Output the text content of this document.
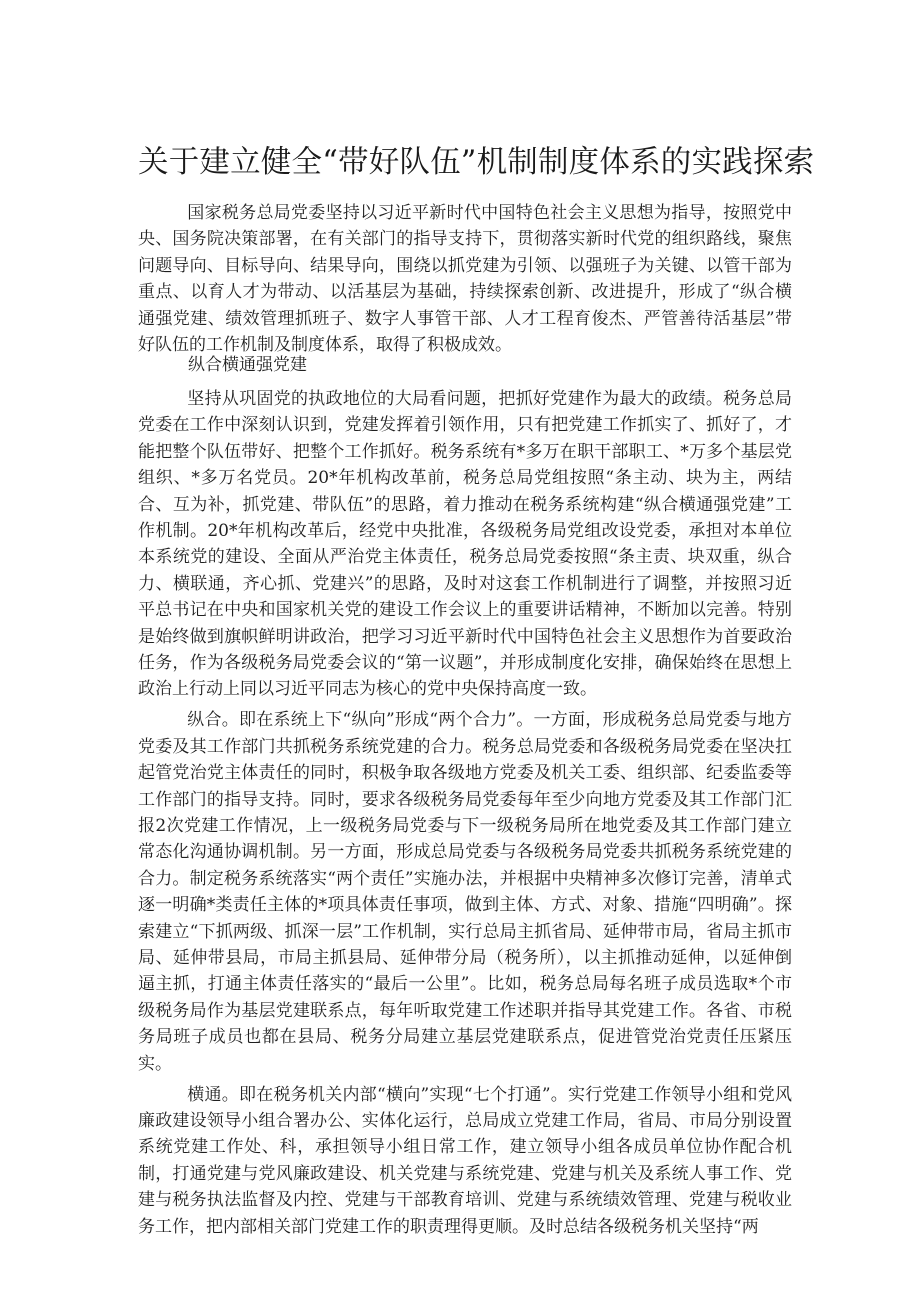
关于建立健全“带好队伍”机制制度体系的实践探索

国家税务总局党委坚持以习近平新时代中国特色社会主义思想为指导，按照党中央、国务院决策部署，在有关部门的指导支持下，贯彻落实新时代党的组织路线，聚焦问题导向、目标导向、结果导向，围绕以抓党建为引领、以强班子为关键、以管干部为重点、以育人才为带动、以活基层为基础，持续探索创新、改进提升，形成了“纵合横通强党建、绩效管理抓班子、数字人事管干部、人才工程育俊杰、严管善待活基层”带好队伍的工作机制及制度体系，取得了积极成效。

纵合横通强党建

坚持从巩固党的执政地位的大局看问题，把抓好党建作为最大的政绩。税务总局党委在工作中深刻认识到，党建发挥着引领作用，只有把党建工作抓实了、抓好了，才能把整个队伍带好、把整个工作抓好。税务系统有*多万在职干部职工、*万多个基层党组织、*多万名党员。20*年机构改革前，税务总局党组按照“条主动、块为主，两结合、互为补，抓党建、带队伍”的思路，着力推动在税务系统构建“纵合横通强党建”工作机制。20*年机构改革后，经党中央批准，各级税务局党组改设党委，承担对本单位本系统党的建设、全面从严治党主体责任，税务总局党委按照“条主责、块双重，纵合力、横联通，齐心抓、党建兴”的思路，及时对这套工作机制进行了调整，并按照习近平总书记在中央和国家机关党的建设工作会议上的重要讲话精神，不断加以完善。特别是始终做到旗帜鲜明讲政治，把学习习近平新时代中国特色社会主义思想作为首要政治任务，作为各级税务局党委会议的“第一议题”，并形成制度化安排，确保始终在思想上政治上行动上同以习近平同志为核心的党中央保持高度一致。

纵合。即在系统上下“纵向”形成“两个合力”。一方面，形成税务总局党委与地方党委及其工作部门共抓税务系统党建的合力。税务总局党委和各级税务局党委在坚决扛起管党治党主体责任的同时，积极争取各级地方党委及机关工委、组织部、纪委监委等工作部门的指导支持。同时，要求各级税务局党委每年至少向地方党委及其工作部门汇报2次党建工作情况，上一级税务局党委与下一级税务局所在地党委及其工作部门建立常态化沟通协调机制。另一方面，形成总局党委与各级税务局党委共抓税务系统党建的合力。制定税务系统落实“两个责任”实施办法，并根据中央精神多次修订完善，清单式逐一明确*类责任主体的*项具体责任事项，做到主体、方式、对象、措施“四明确”。探索建立“下抓两级、抓深一层”工作机制，实行总局主抓省局、延伸带市局，省局主抓市局、延伸带县局，市局主抓县局、延伸带分局（税务所），以主抓推动延伸，以延伸倒逼主抓，打通主体责任落实的“最后一公里”。比如，税务总局每名班子成员选取*个市级税务局作为基层党建联系点，每年听取党建工作述职并指导其党建工作。各省、市税务局班子成员也都在县局、税务分局建立基层党建联系点，促进管党治党责任压紧压实。

横通。即在税务机关内部“横向”实现“七个打通”。实行党建工作领导小组和党风廉政建设领导小组合署办公、实体化运行，总局成立党建工作局，省局、市局分别设置系统党建工作处、科，承担领导小组日常工作，建立领导小组各成员单位协作配合机制，打通党建与党风廉政建设、机关党建与系统党建、党建与机关及系统人事工作、党建与税务执法监督及内控、党建与干部教育培训、党建与系统绩效管理、党建与税收业务工作，把内部相关部门党建工作的职责理得更顺。及时总结各级税务机关坚持“两
